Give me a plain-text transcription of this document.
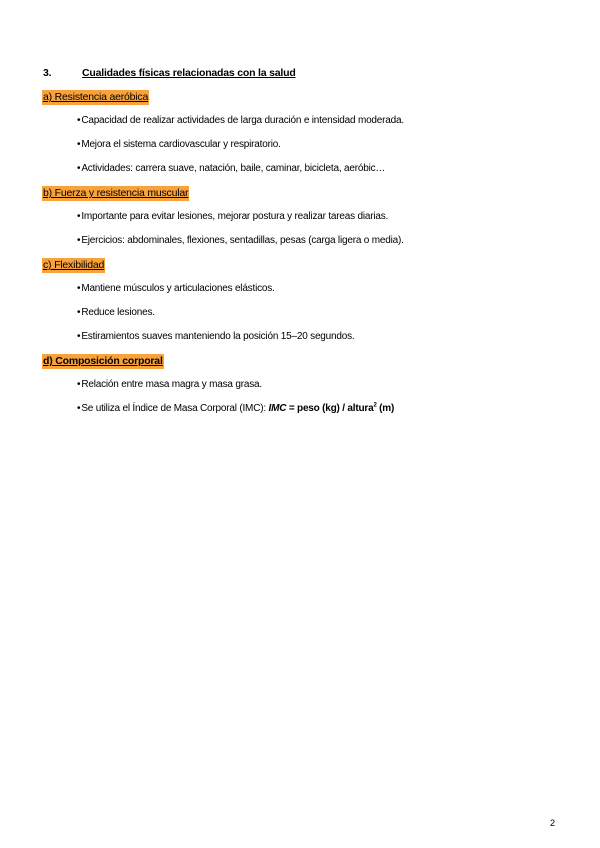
3.	Cualidades físicas relacionadas con la salud
a) Resistencia aeróbica
•Capacidad de realizar actividades de larga duración e intensidad moderada.
•Mejora el sistema cardiovascular y respiratorio.
•Actividades: carrera suave, natación, baile, caminar, bicicleta, aeróbic…
b) Fuerza y resistencia muscular
•Importante para evitar lesiones, mejorar postura y realizar tareas diarias.
•Ejercicios: abdominales, flexiones, sentadillas, pesas (carga ligera o media).
c) Flexibilidad
•Mantiene músculos y articulaciones elásticos.
•Reduce lesiones.
•Estiramientos suaves manteniendo la posición 15–20 segundos.
d) Composición corporal
•Relación entre masa magra y masa grasa.
•Se utiliza el Índice de Masa Corporal (IMC): IMC = peso (kg) / altura$^2$ (m)
2
